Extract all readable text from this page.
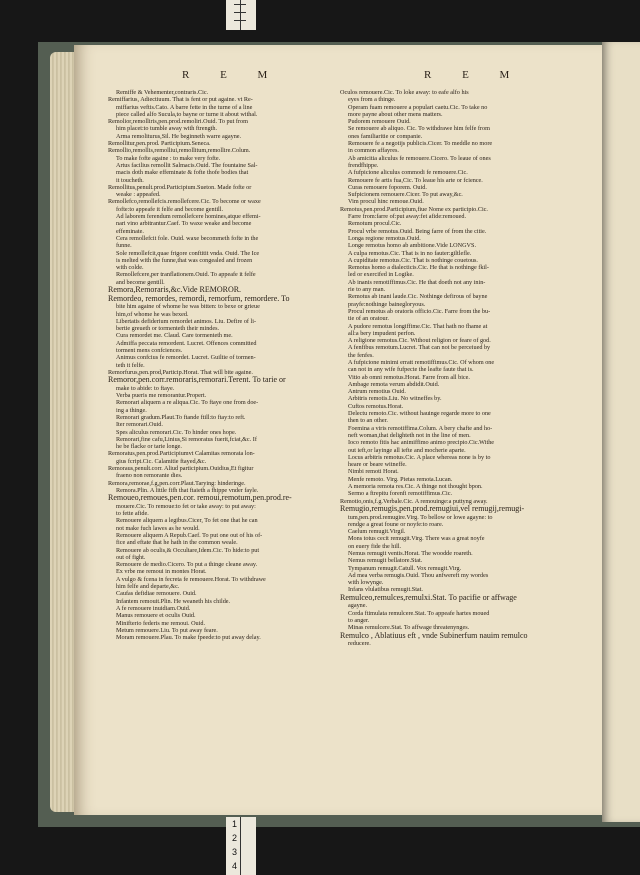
R E M	R E M
Remiffe & Vehementer,contraris.Cic.
Remiffarius, Adiectiuum. That is fent or put againe. vt Re-
miffarius veftis.Cato. A barre fette in the turne of a line
piece called alfo Sucula,to bayne or turne it about withal.
Remolior,remolliris,pen.prod.remoliri.Ouid. To put from
him placet:to tumble away with ftrength.
Arma remoliturus,Sil. He beginneth warre agayne.
Remollitur,pen.prod. Participium.Seneca.
Remollio,remollis,remolliui,remollitum,remollire.Colum.
To make fofte againe : to make very fofte.
Artus facilius remollit Salmacis.Ouid. The fountaine Sal-
macis doth make effeminate & fofte thofe bodies that
it toucheth.
Remollitus,penult.prod.Participium.Sueton. Made fofte or
weake : appeafed.
Remollefco,remollefcis.remollefcere.Cic. To become or waxe
fofte:to appeafe it felfe and become gentill.
Ad laborem ferendum remollefcere homines,atque effemi-
nari vino arbitrantur.Caef. To waxe weake and become
effeminate.
Cera remollefcit fole. Ouid. waxe becommeth fofte in the
funne.
Sole remollefcit,quae frigore conftitit vnda. Ouid. The Ice
is melted with the funne,that was congealed and frozen
with colde.
Remollefcere,per tranflationem.Ouid. To appeafe it felfe
and become gentill.
Remora,Remoraris,&c.Vide REMOROR.
Remordeo, remordes, remordi, remorfum, remordere. To
bite him againe of whome he was bitten: to bexe or grieue
him,of whome he was bexed.
Libertatis defiderium remordet animos. Liu. Defire of li-
bertie greueth or tormenteth their mindes.
Cura remordet me. Claud. Care tormenteth me.
Admiffa peccata remordent. Lucret. Offences committed
torment mens confciences.
Animus confcius fe remordet. Lucret. Guiltie of tormen-
teth it felfe.
Remorfurus,pen.prod,Particip.Horat. That will bite againe.
Remoror,pen.corr.remoraris,remorari.Terent. To tarie or
make to abide: to ftaye.
Verba pueris me remorantur.Propert.
Remorari aliquem a re aliqua.Cic. To ftaye one from doe-
ing a thinge.
Remorari gradum.Plaut.To ftande ftill:to ftay:to reft.
Iter remorari.Ouid.
Spes aliculus remorari.Cic. To hinder ones hope.
Remorari,fine cafu,Linius,Si remoratus fuerit,fciat,&c. If
he be flacke or tarie longe.
Remoratus,pen.prod.Participiumvt Calamitas remorata lon-
gius fcript.Cic. Calamitie ftayed,&c.
Remoraus,penult.corr. Aliud participium.Ouidius,Et figitur
fraeno non remorante dies.
Remora,remorae,f.g,pen.corr.Plaut.Tarying: hinderinge.
Remora.Plin. A little fifh that ftaieth a fhippe vnder fayle.
Remoueo,remoues,pen.cor. remoui,remotum,pen.prod.re-
mouere.Cic. To remoue:to fet or take away: to put away:
to fette afide.
Remouere aliquem a legibus.Cicer, To fet one that he can
not make fuch lawes as he would.
Remouere aliquem A Repub.Caef. To put one out of his of-
fice and eftate that he hath in the common weale.
Remouere ab oculis,& Occultare,Idem.Cic. To hide:to put
out of fight.
Remouere de medio.Cicero. To put a thinge cleane away.
Ex vrbe me remoui in montes Horat.
A vulgo & fcena in fecreta fe remouere.Horat. To withdrawe
him felfe and departe,&c.
Caufas defidiae remouere. Ouid.
Infantem remouit.Plin. He weaneth his childe.
A fe remouere inuidiam.Ouid.
Manus remouere et oculis Ouid.
Minifterio federis me remoui. Ouid.
Metum remouere.Liu. To put away feare.
Moram remouere.Plau. To make fpeede:to put away delay.
Oculos remouere.Cic. To loke away: to eafe alfo his
eyes from a thinge.
Operam fuam remouere a populari caetu.Cic. To take no
more payne about other mens matters.
Pudorem remouere Ouid.
Se remouere ab aliquo. Cic. To withdrawe him felfe from
ones familiaritie or companie.
Remouere fe a negotijs publicis.Cicer. To meddle no more
in common affayres.
Ab amicitia aliculus fe remouere.Cicero. To leaue of ones
frendfhippe.
A fufpicione aliculus commodi fe remouere.Cic.
Remouere fe artis fua,Cic. To leaue his arte or fcience.
Curas remouere foporem. Ouid.
Sufpicionem remouere.Cicer. To put away,&c.
Vim procul hinc remoue.Ouid.
Remotus,pen.prod.Participium,fiue Nome ex participio.Cic.
Farre from:farre of:put away:fet afide:remoued.
Remotum procul.Cic.
Procul vrbe remotus.Ouid. Being farre of from the citie.
Longa regione remotus.Ouid.
Longe remotus homo ab ambitione.Vide LONGVS.
A culpa remotus.Cic. That is in no fauter:giltlefle.
A cupiditate remotus.Cic. That is nothinge couetous.
Remotus homo a dialecticis.Cic. He that is nothinge fkil-
led or exercifed in Logike.
Ab inanis remotiffimus.Cic. He that doeth not any inin-
rie to any man.
Remotus ab inani laude.Cic. Nothinge defirous of bayne
prayfe:nothinge bainegloryous.
Procul remotus ab oratoris officio.Cic. Farre from the bu-
tie of an oratour.
A pudore remotus longiffime.Cic. That hath no fhame at
all:a bery impudent perfon.
A religione remotus.Cic. Without religion or feare of god.
A fenfibus remotum.Lucret. That can not be perceiued by
the fenfes.
A fufpicione minimi erratt remotiffimus.Cic. Of whom one
can not in any wife fufpecte the leafte faute that is.
Vitio ab omni remotus.Horat. Farre from all bice.
Ambage remota verum abdidit.Ouid.
Antrum remotius Ouid.
Arbitris remotis.Liu. No witneffes by.
Cuftos remotus.Horat.
Delectu remoto.Cic. without hauinge regarde more to one
then to an other.
Foemina a viris remotiffima.Colum. A bery chafte and ho-
neft woman,that delighteth not in the line of men.
Ioco remoto fitis hac animiffimo animo precipio.Cic.Withe
out ieft,or layinge all iefte and mocherie aparte.
Locus arbitris remotus.Cic. A place whereas none is by to
heare or beare witneffe.
Nimbi remoti Horat.
Menfe remoto. Virg. Pietas remota.Lucan.
A memoria remota res.Cic. A thinge not thought bpon.
Sermo a ftrepitu forenfi remotiffimus.Cic.
Remotio,onis,f.g.Verbale.Cic. A remouinge:a puttyng away.
Remugio,remugis,pen.prod.remugiui,vel remugij,remugi-
tum,pen.prod.remugire.Virg. To bellow or lowe agayne: to
rendge a great foune or noyfe:to roare.
Caelum remugit.Virgil.
Mons totus cecit remugit.Virg. There was a great noyfe
on euery fide the hill.
Nemus remugit ventis.Horat. The woodde roareth.
Nemus remugit bellatore.Stat.
Tympanum remugit.Catull. Vox remugit.Virg.
Ad mea verba remugis.Ouid. Thou anfwereft my wordes
with lowynge.
Infans vlulatibus remugit.Stat.
Remulceo,remulces,remulxi.Stat. To pacifie or affwage
agayne.
Corda ftimulata remulcere.Stat. To appeafe hartes moued
to anger.
Minas remulcere.Stat. To affwage threatenynges.
Remulco , Ablatiuus eft , vnde Subinerfum nauim remulco
reducere.
1
2
3
4
